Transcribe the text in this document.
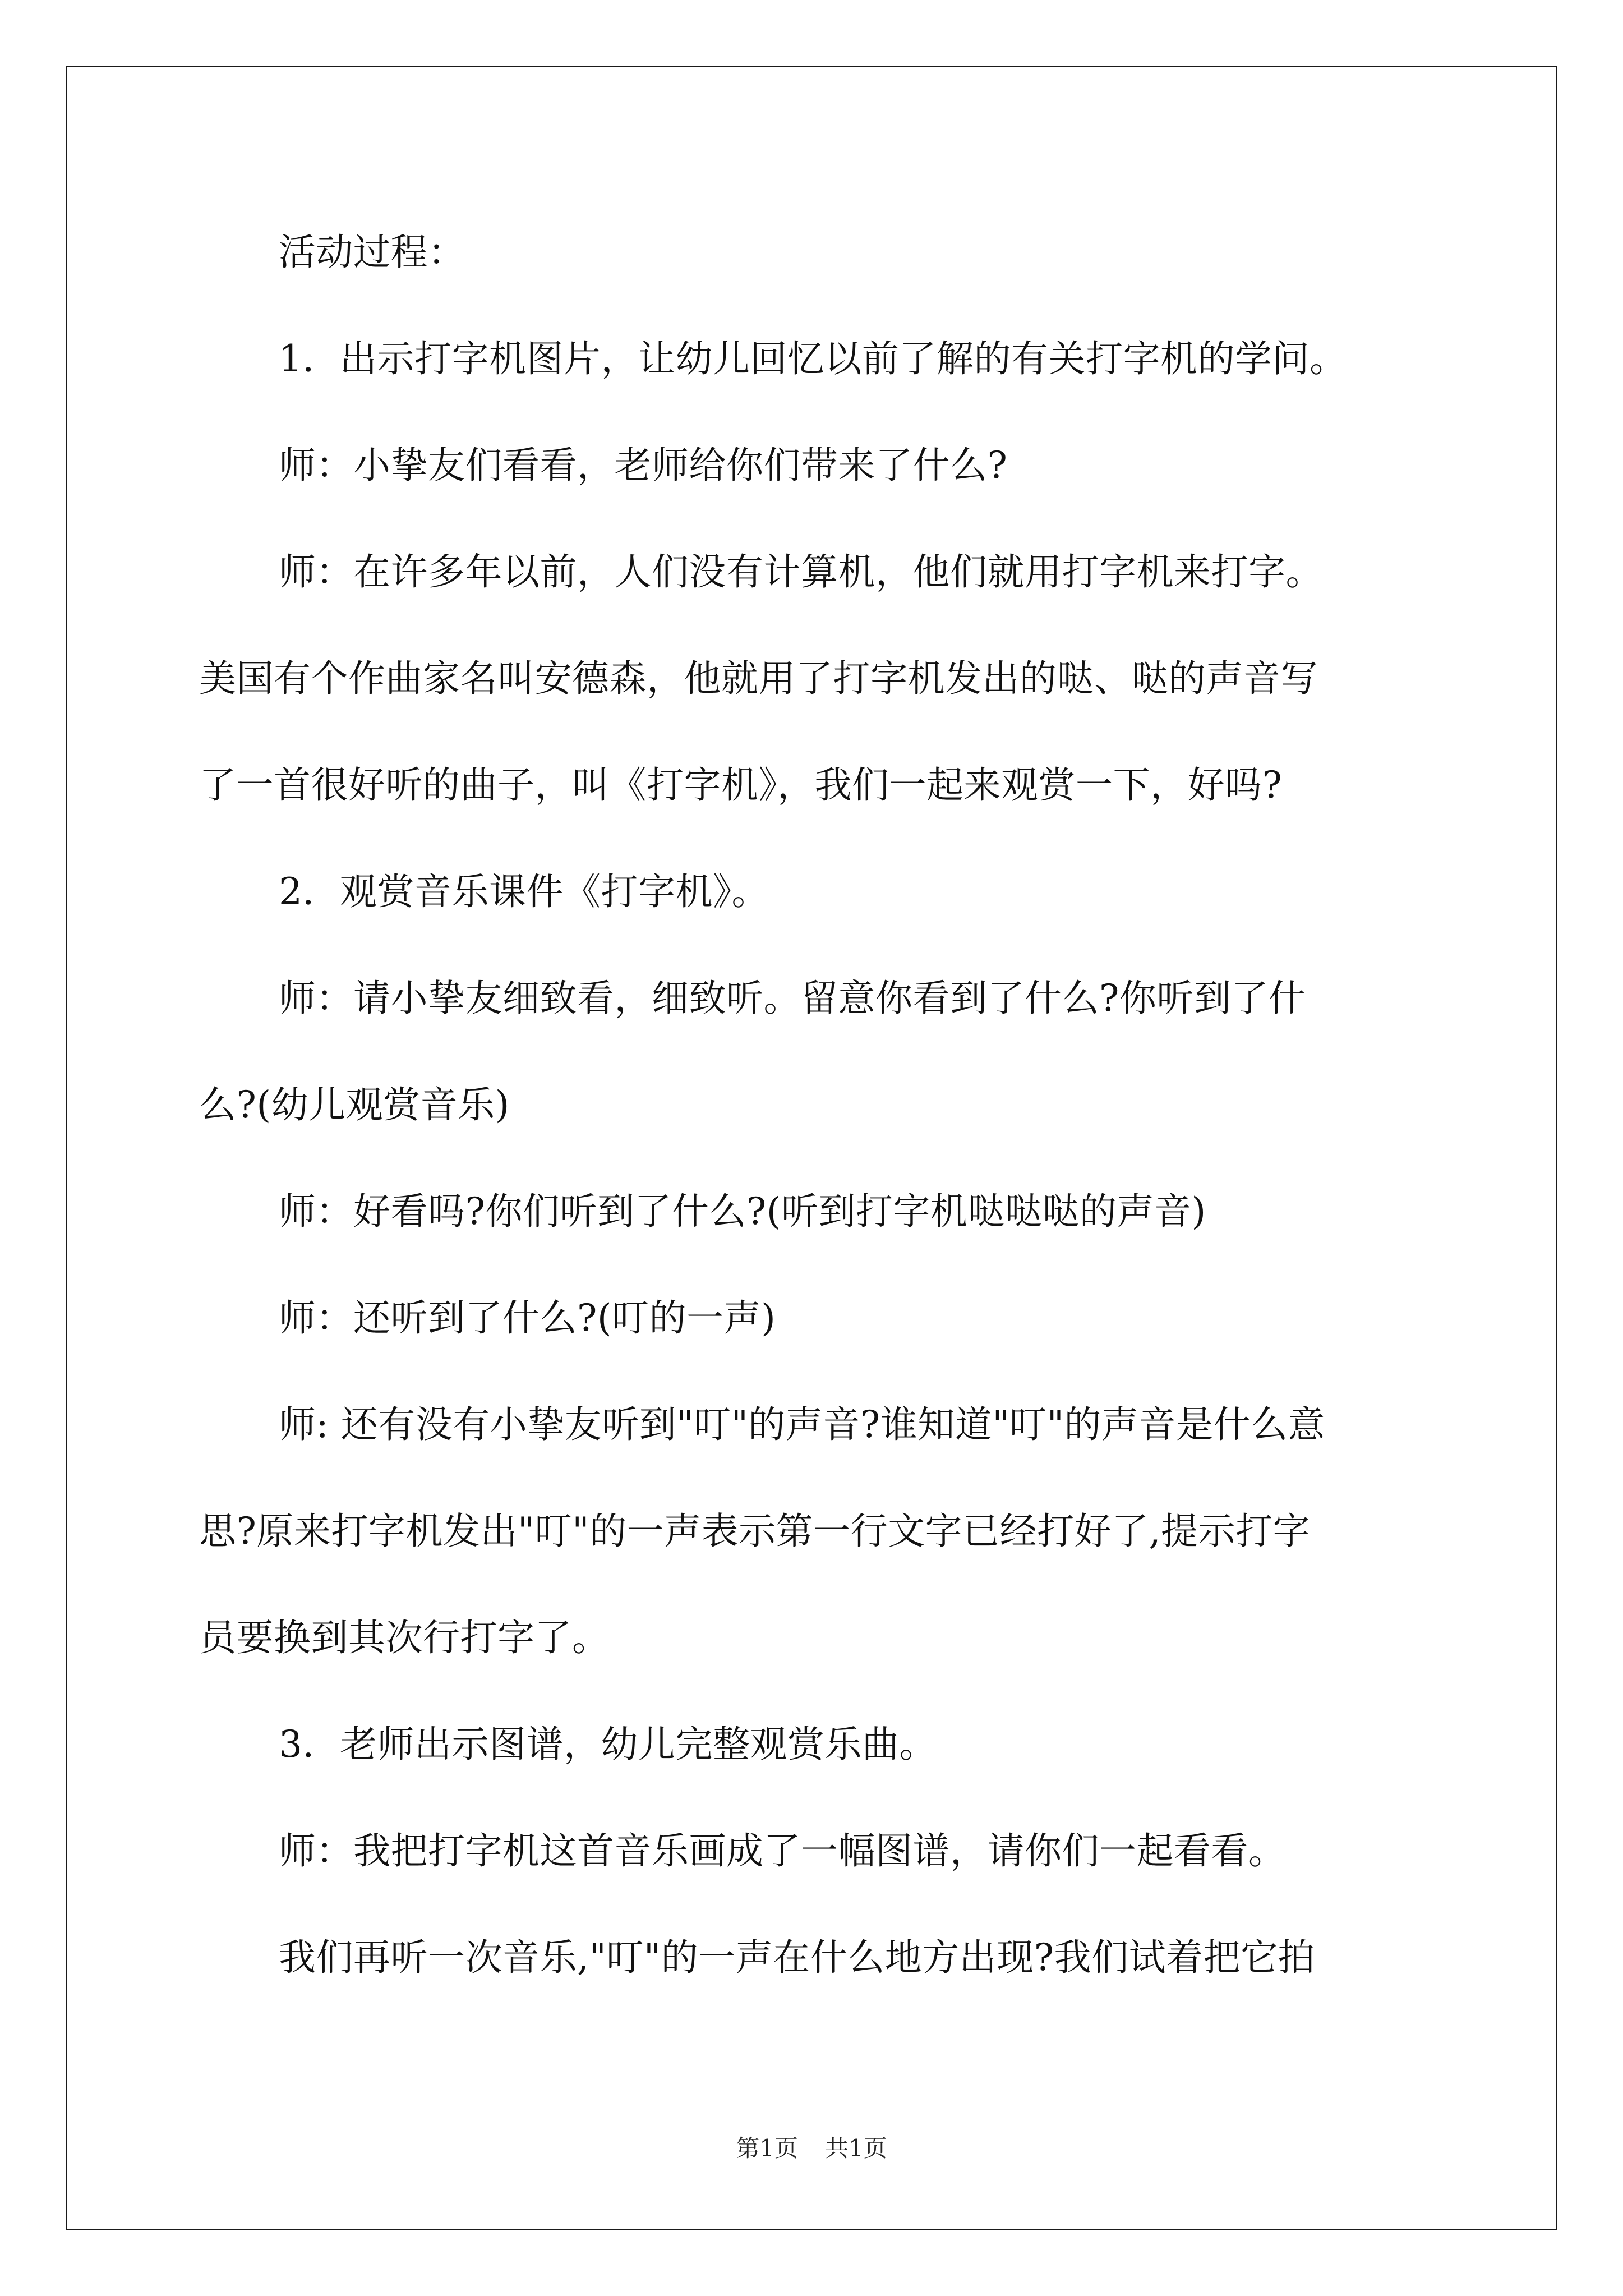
活动过程：
1．出示打字机图片，让幼儿回忆以前了解的有关打字机的学问。
师：小挚友们看看，老师给你们带来了什么?
师：在许多年以前，人们没有计算机，他们就用打字机来打字。
美国有个作曲家名叫安德森，他就用了打字机发出的哒、哒的声音写
了一首很好听的曲子，叫《打字机》，我们一起来观赏一下，好吗?
2．观赏音乐课件《打字机》。
师：请小挚友细致看，细致听。留意你看到了什么?你听到了什
么?(幼儿观赏音乐)
师：好看吗?你们听到了什么?(听到打字机哒哒哒的声音)
师：还听到了什么?(叮的一声)
师: 还有没有小挚友听到"叮"的声音?谁知道"叮"的声音是什么意
思?原来打字机发出"叮"的一声表示第一行文字已经打好了,提示打字
员要换到其次行打字了。
3．老师出示图谱，幼儿完整观赏乐曲。
师：我把打字机这首音乐画成了一幅图谱，请你们一起看看。
我们再听一次音乐,"叮"的一声在什么地方出现?我们试着把它拍
第1页 共1页
